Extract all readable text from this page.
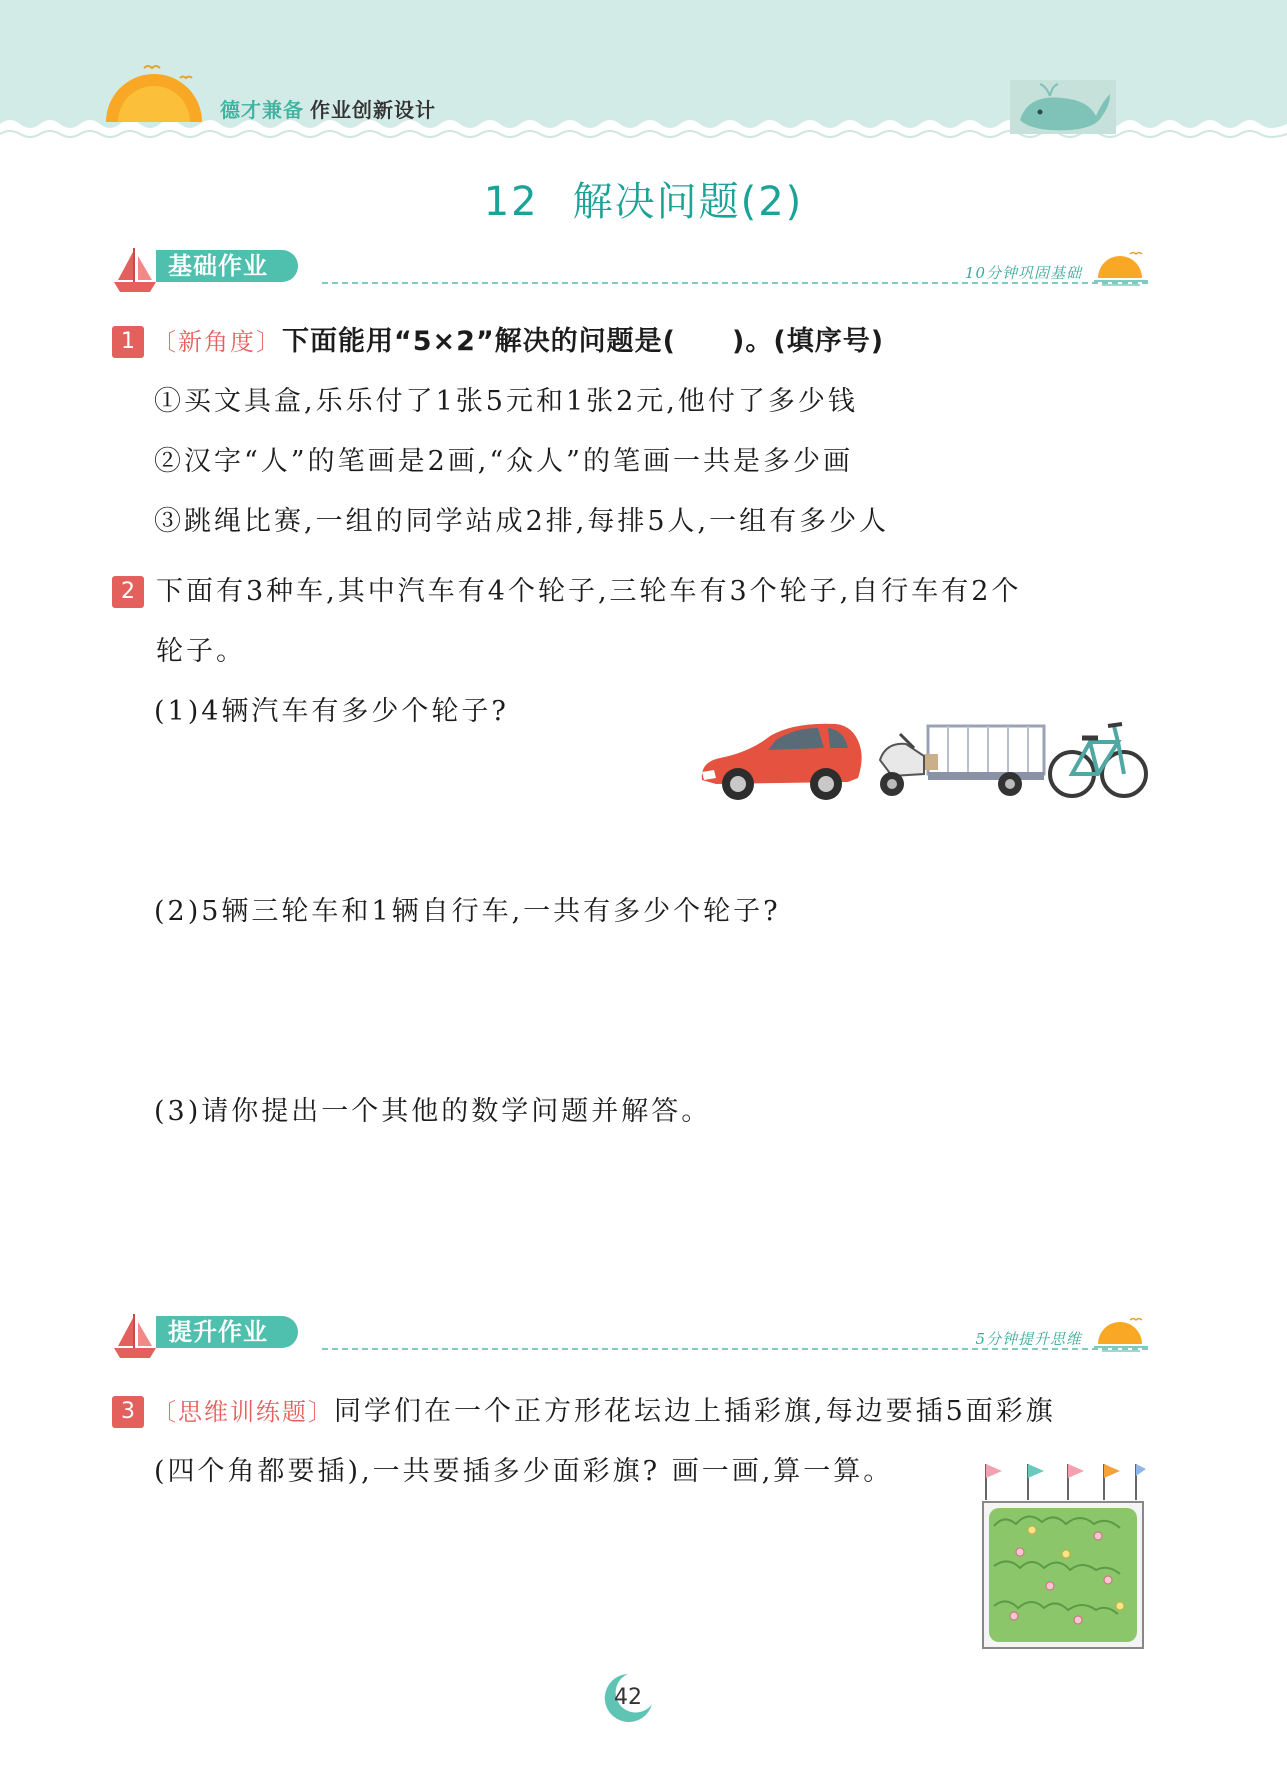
德才兼备 作业创新设计
12 解决问题(2)
基础作业	10分钟巩固基础
1 〔新角度〕下面能用“5×2”解决的问题是(　　)。(填序号)
①买文具盒,乐乐付了1张5元和1张2元,他付了多少钱
②汉字“人”的笔画是2画,“众人”的笔画一共是多少画
③跳绳比赛,一组的同学站成2排,每排5人,一组有多少人
2 下面有3种车,其中汽车有4个轮子,三轮车有3个轮子,自行车有2个
轮子。
(1)4辆汽车有多少个轮子?
(2)5辆三轮车和1辆自行车,一共有多少个轮子?
(3)请你提出一个其他的数学问题并解答。
提升作业	5分钟提升思维
3 〔思维训练题〕同学们在一个正方形花坛边上插彩旗,每边要插5面彩旗
(四个角都要插),一共要插多少面彩旗? 画一画,算一算。
42
